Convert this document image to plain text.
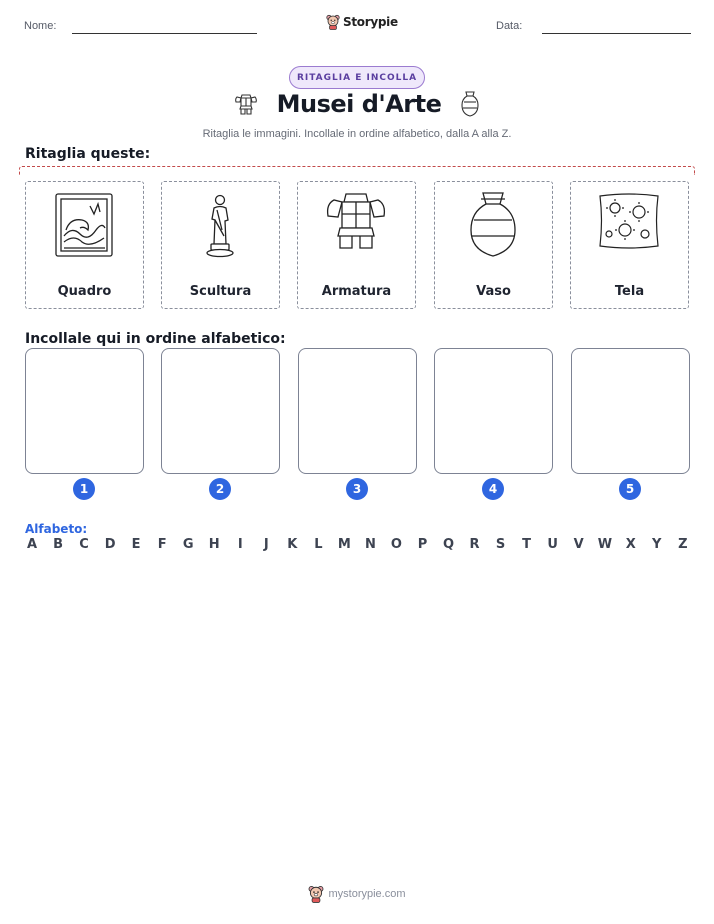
Nome:	Storypie	Data:
RITAGLIA E INCOLLA
Musei d'Arte
Ritaglia le immagini. Incollale in ordine alfabetico, dalla A alla Z.
Ritaglia queste:
Quadro	Scultura	Armatura	Vaso	Tela
Incollale qui in ordine alfabetico:
1	2	3	4	5
Alfabeto:
A B C D E F G H	I	J	K L M N O P Q R S T U V W X Y Z
mystorypie.com
